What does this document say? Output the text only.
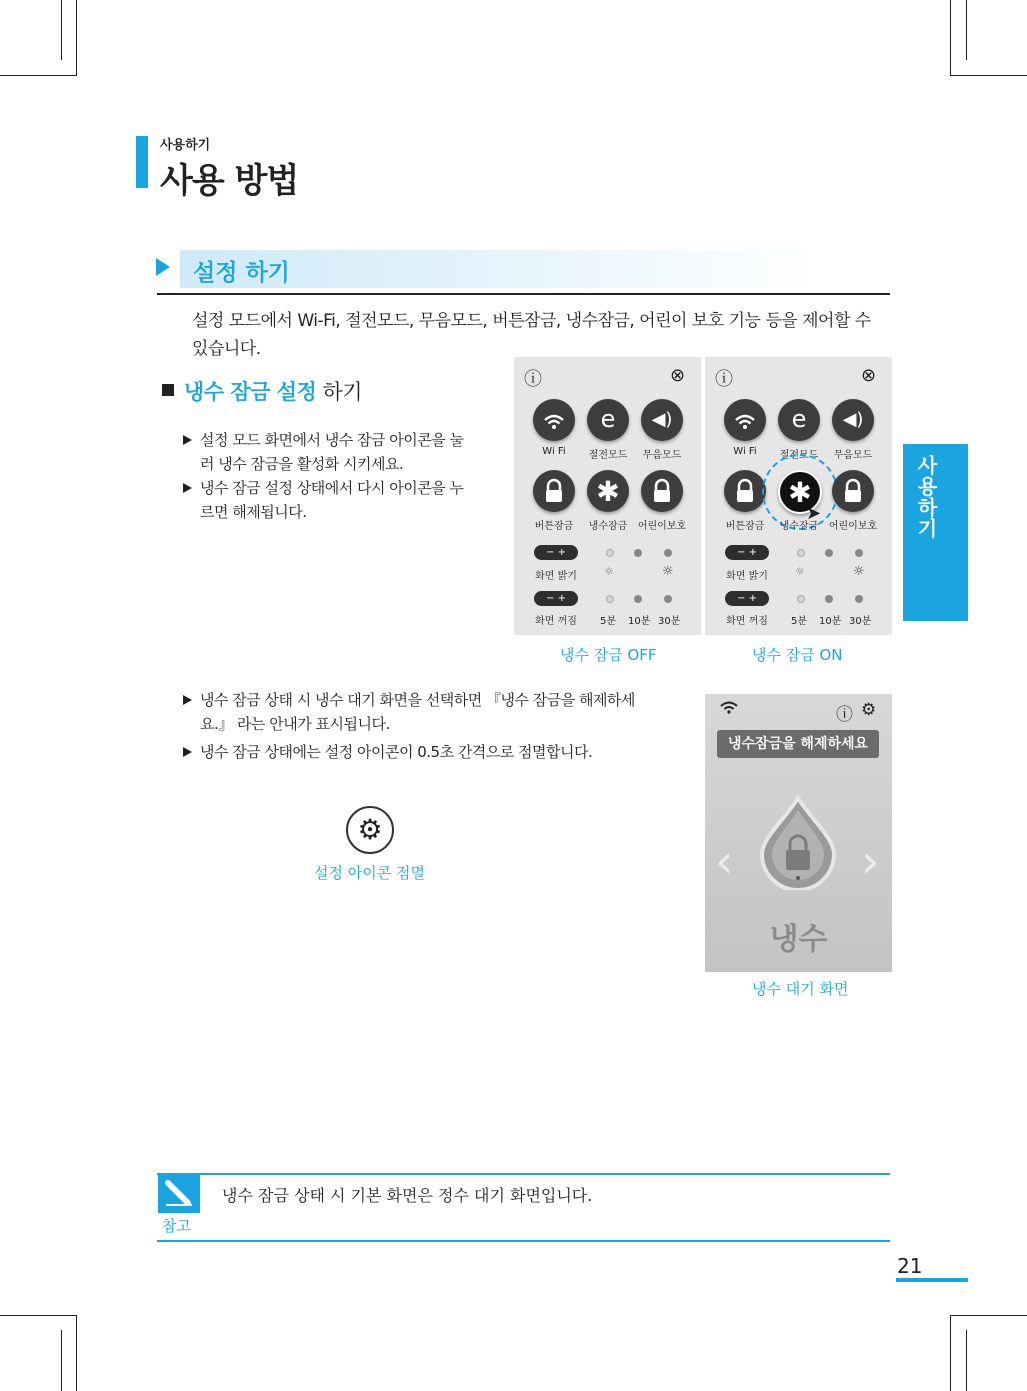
사용하기
사용 방법
설정 하기
설정 모드에서 Wi-Fi, 절전모드, 무음모드, 버튼잠금, 냉수잠금, 어린이 보호 기능 등을 제어할 수 있습니다.
냉수 잠금 설정 하기
설정 모드 화면에서 냉수 잠금 아이콘을 눌러 냉수 잠금을 활성화 시키세요.
냉수 잠금 설정 상태에서 다시 아이콘을 누르면 해제됩니다.
ⓘ	⊗
e	◀)
Wi Fi	절전모드	무음모드
✱
버튼잠금	냉수잠금	어린이보호
− +
화면 밝기	☼	☼
− +
화면 꺼짐	5분 10분 30분
ⓘ	⊗
e	◀)
Wi Fi	절전모드	무음모드
✱
➤
버튼잠금	냉수잠금	어린이보호
− +
화면 밝기	☼	☼
− +
화면 꺼짐	5분 10분 30분
냉수 잠금 OFF	냉수 잠금 ON
사용하기
냉수 잠금 상태 시 냉수 대기 화면을 선택하면 『냉수 잠금을 해제하세요.』 라는 안내가 표시됩니다.
냉수 잠금 상태에는 설정 아이콘이 0.5초 간격으로 점멸합니다.
⚙
설정 아이콘 점멸
ⓘ ⚙
냉수잠금을 해제하세요
‹	›
냉수
냉수 대기 화면
참고
냉수 잠금 상태 시 기본 화면은 정수 대기 화면입니다.
21
